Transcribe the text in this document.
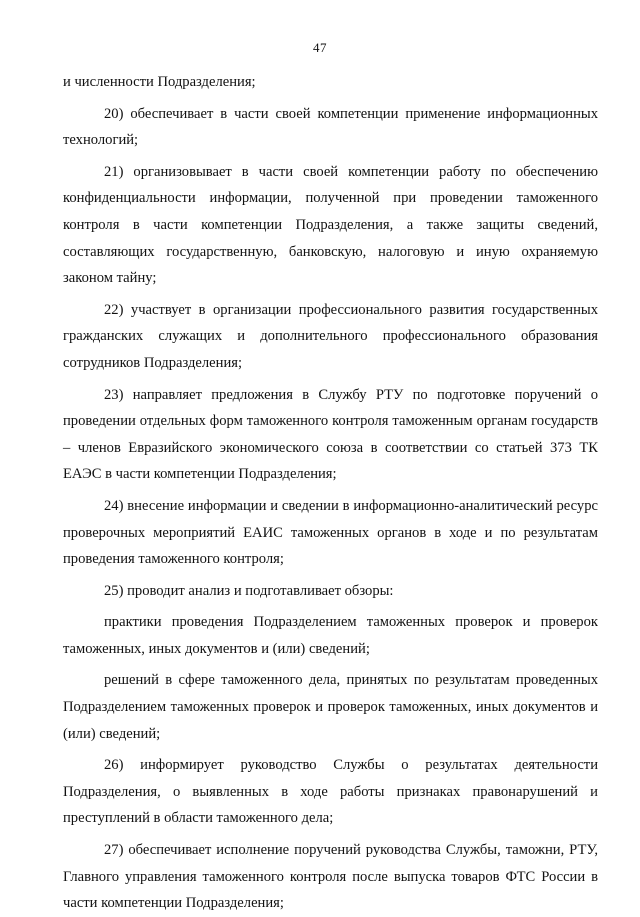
47

и численности Подразделения;

20) обеспечивает в части своей компетенции применение информационных технологий;

21) организовывает в части своей компетенции работу по обеспечению конфиденциальности информации, полученной при проведении таможенного контроля в части компетенции Подразделения, а также защиты сведений, составляющих государственную, банковскую, налоговую и иную охраняемую законом тайну;

22) участвует в организации профессионального развития государственных гражданских служащих и дополнительного профессионального образования сотрудников Подразделения;

23) направляет предложения в Службу РТУ по подготовке поручений о проведении отдельных форм таможенного контроля таможенным органам государств – членов Евразийского экономического союза в соответствии со статьей 373 ТК ЕАЭС в части компетенции Подразделения;

24) внесение информации и сведении в информационно-аналитический ресурс проверочных мероприятий ЕАИС таможенных органов в ходе и по результатам проведения таможенного контроля;

25) проводит анализ и подготавливает обзоры:

практики проведения Подразделением таможенных проверок и проверок таможенных, иных документов и (или) сведений;

решений в сфере таможенного дела, принятых по результатам проведенных Подразделением таможенных проверок и проверок таможенных, иных документов и (или) сведений;

26) информирует руководство Службы о результатах деятельности Подразделения, о выявленных в ходе работы признаках правонарушений и преступлений в области таможенного дела;

27) обеспечивает исполнение поручений руководства Службы, таможни, РТУ, Главного управления таможенного контроля после выпуска товаров ФТС России в части компетенции Подразделения;
